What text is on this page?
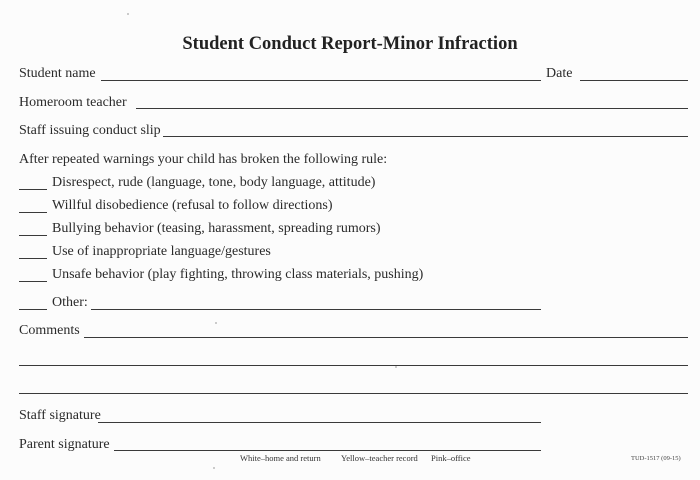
Student Conduct Report-Minor Infraction
Student name	Date
Homeroom teacher
Staff issuing conduct slip
After repeated warnings your child has broken the following rule:
Disrespect, rude (language, tone, body language, attitude)
Willful disobedience (refusal to follow directions)
Bullying behavior (teasing, harassment, spreading rumors)
Use of inappropriate language/gestures
Unsafe behavior (play fighting, throwing class materials, pushing)
Other:
Comments
Staff signature
Parent signature
White–home and return Yellow–teacher record Pink–office	TUD-1517 (09-15)
